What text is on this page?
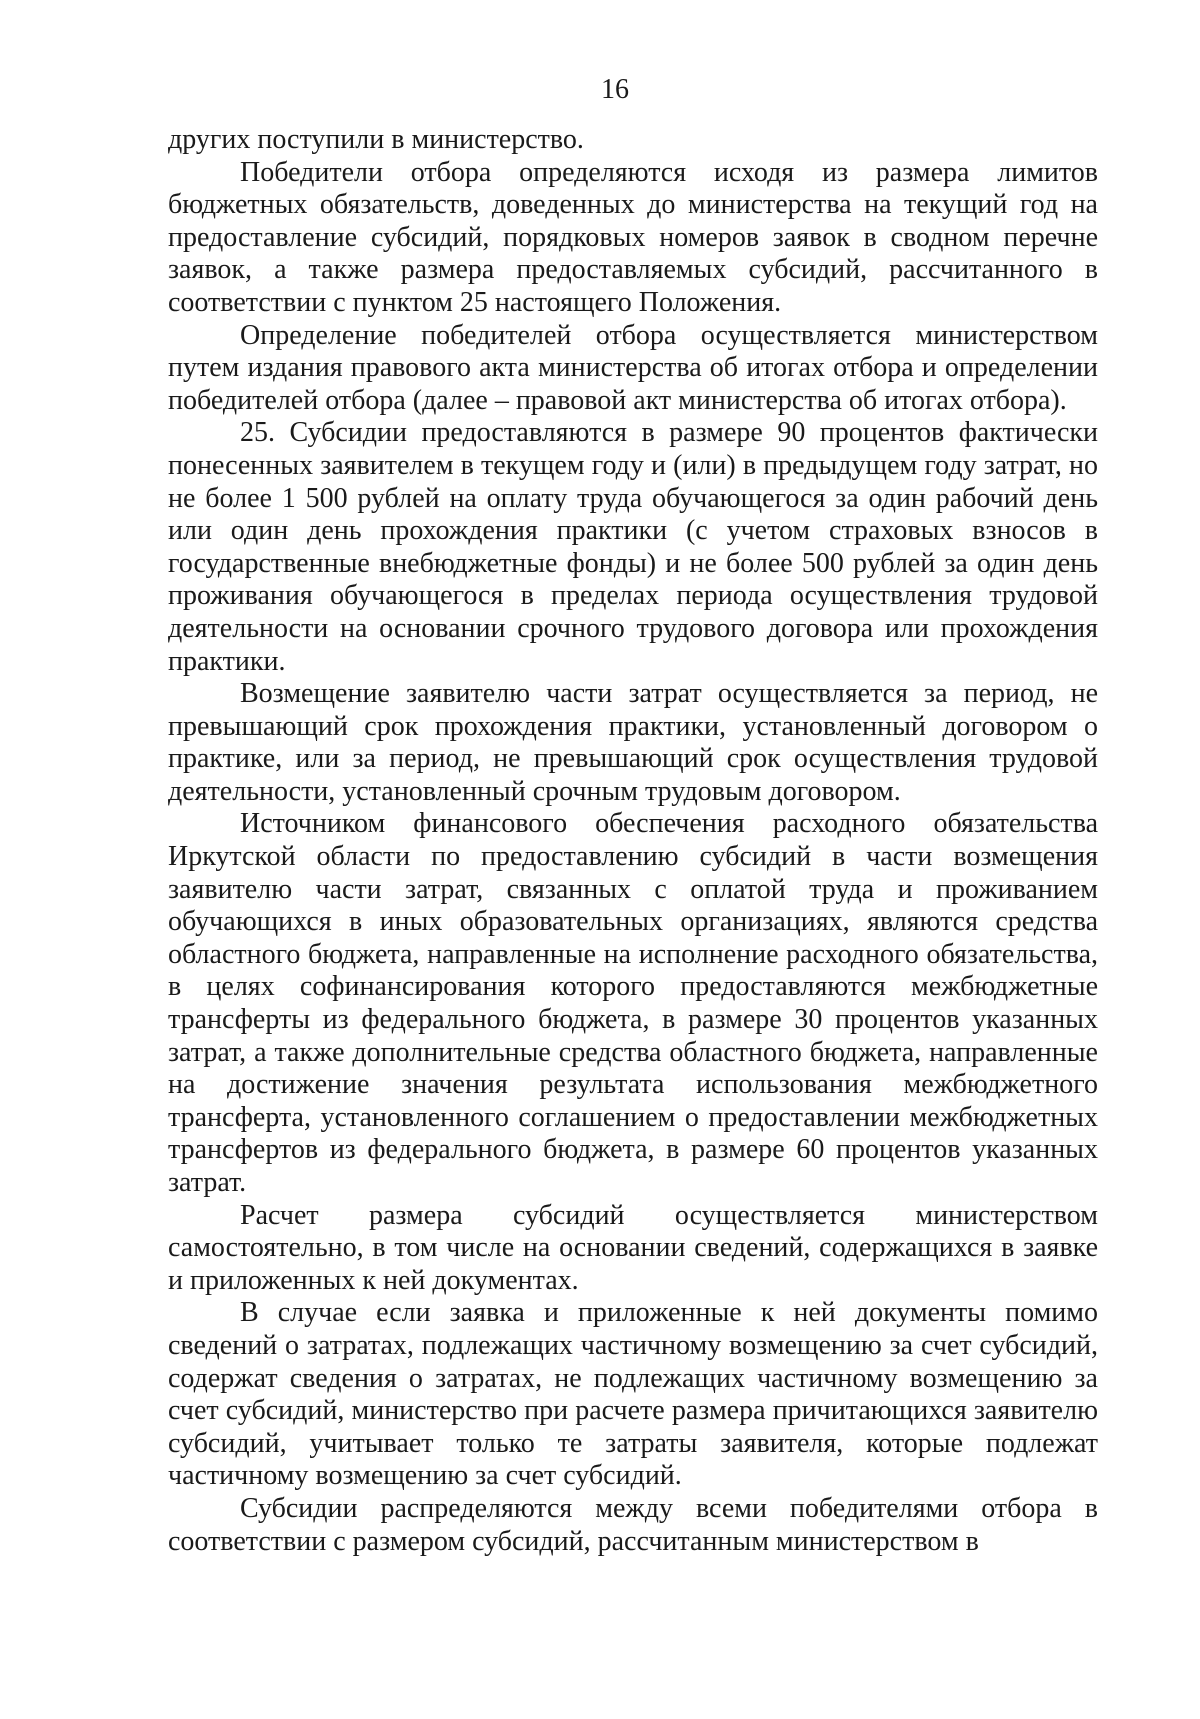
16

других поступили в министерство.

Победители отбора определяются исходя из размера лимитов бюджетных обязательств, доведенных до министерства на текущий год на предоставление субсидий, порядковых номеров заявок в сводном перечне заявок, а также размера предоставляемых субсидий, рассчитанного в соответствии с пунктом 25 настоящего Положения.

Определение победителей отбора осуществляется министерством путем издания правового акта министерства об итогах отбора и определении победителей отбора (далее – правовой акт министерства об итогах отбора).

25. Субсидии предоставляются в размере 90 процентов фактически понесенных заявителем в текущем году и (или) в предыдущем году затрат, но не более 1 500 рублей на оплату труда обучающегося за один рабочий день или один день прохождения практики (с учетом страховых взносов в государственные внебюджетные фонды) и не более 500 рублей за один день проживания обучающегося в пределах периода осуществления трудовой деятельности на основании срочного трудового договора или прохождения практики.

Возмещение заявителю части затрат осуществляется за период, не превышающий срок прохождения практики, установленный договором о практике, или за период, не превышающий срок осуществления трудовой деятельности, установленный срочным трудовым договором.

Источником финансового обеспечения расходного обязательства Иркутской области по предоставлению субсидий в части возмещения заявителю части затрат, связанных с оплатой труда и проживанием обучающихся в иных образовательных организациях, являются средства областного бюджета, направленные на исполнение расходного обязательства, в целях софинансирования которого предоставляются межбюджетные трансферты из федерального бюджета, в размере 30 процентов указанных затрат, а также дополнительные средства областного бюджета, направленные на достижение значения результата использования межбюджетного трансферта, установленного соглашением о предоставлении межбюджетных трансфертов из федерального бюджета, в размере 60 процентов указанных затрат.

Расчет размера субсидий осуществляется министерством самостоятельно, в том числе на основании сведений, содержащихся в заявке и приложенных к ней документах.

В случае если заявка и приложенные к ней документы помимо сведений о затратах, подлежащих частичному возмещению за счет субсидий, содержат сведения о затратах, не подлежащих частичному возмещению за счет субсидий, министерство при расчете размера причитающихся заявителю субсидий, учитывает только те затраты заявителя, которые подлежат частичному возмещению за счет субсидий.

Субсидии распределяются между всеми победителями отбора в соответствии с размером субсидий, рассчитанным министерством в
